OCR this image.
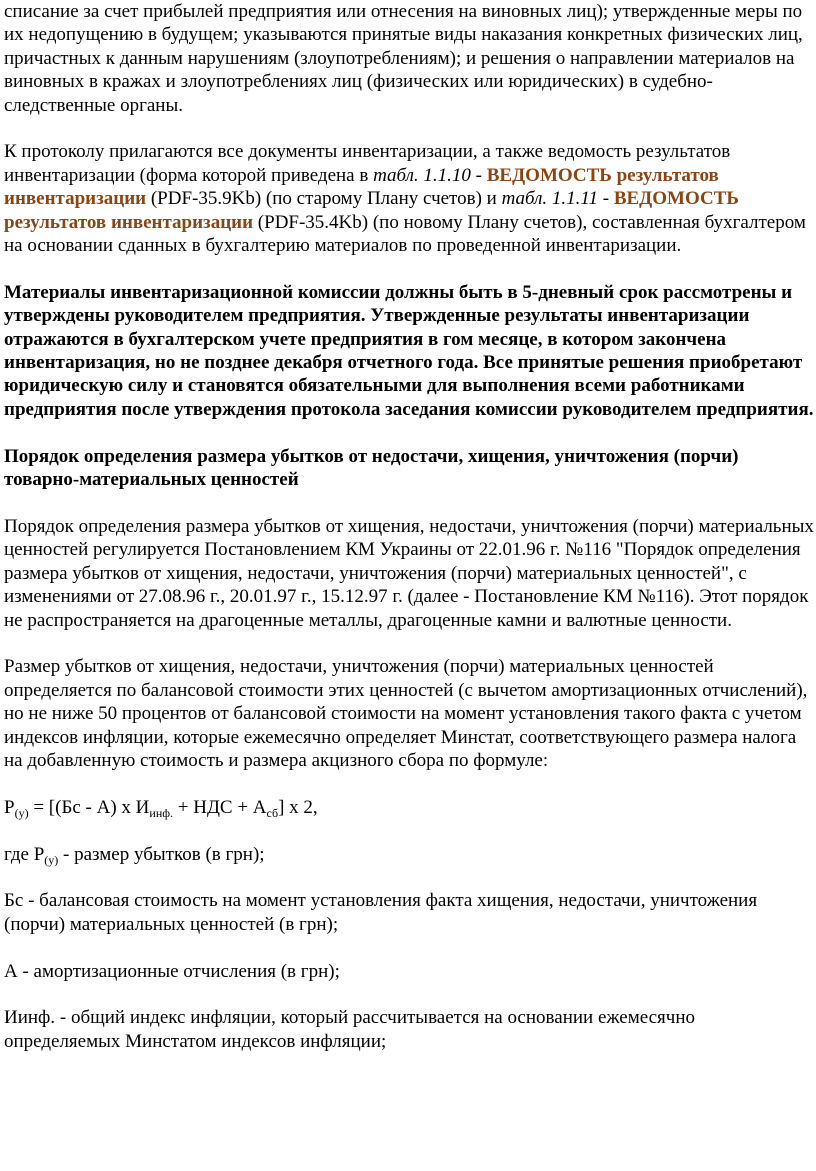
списание за счет прибылей предприятия или отнесения на виновных лиц); утвержденные меры по их недопущению в будущем; указываются принятые виды наказания конкретных физических лиц, причастных к данным нарушениям (злоупотреблениям); и решения о направлении материалов на виновных в кражах и злоупотреблениях лиц (физических или юридических) в судебно-следственные органы.

К протоколу прилагаются все документы инвентаризации, а также ведомость результатов инвентаризации (форма которой приведена в табл. 1.1.10 - ВЕДОМОСТЬ результатов инвентаризации (PDF-35.9Kb) (по старому Плану счетов) и табл. 1.1.11 - ВЕДОМОСТЬ результатов инвентаризации (PDF-35.4Kb) (по новому Плану счетов), составленная бухгалтером на основании сданных в бухгалтерию материалов по проведенной инвентаризации.

Материалы инвентаризационной комиссии должны быть в 5-дневный срок рассмотрены и утверждены руководителем предприятия. Утвержденные результаты инвентаризации отражаются в бухгалтерском учете предприятия в гом месяце, в котором закончена инвентаризация, но не позднее декабря отчетного года. Все принятые решения приобретают юридическую силу и становятся обязательными для выполнения всеми работниками предприятия после утверждения протокола заседания комиссии руководителем предприятия.

Порядок определения размера убытков от недостачи, хищения, уничтожения (порчи) товарно-материальных ценностей

Порядок определения размера убытков от хищения, недостачи, уничтожения (порчи) материальных ценностей регулируется Постановлением КМ Украины от 22.01.96 г. №116 "Порядок определения размера убытков от хищения, недостачи, уничтожения (порчи) материальных ценностей", с изменениями от 27.08.96 г., 20.01.97 г., 15.12.97 г. (далее - Постановление КМ №116). Этот порядок не распространяется на драгоценные металлы, драгоценные камни и валютные ценности.

Размер убытков от хищения, недостачи, уничтожения (порчи) материальных ценностей определяется по балансовой стоимости этих ценностей (с вычетом амортизационных отчислений), но не ниже 50 процентов от балансовой стоимости на момент установления такого факта с учетом индексов инфляции, которые ежемесячно определяет Минстат, соответствующего размера налога на добавленную стоимость и размера акцизного сбора по формуле:

$Р_{(у)} = [(Бс - А)$ х $И_{инф.}$ + НДС + $А_{сб}$] х 2,

где $Р_{(у)}$ - размер убытков (в грн);

Бс - балансовая стоимость на момент установления факта хищения, недостачи, уничтожения (порчи) материальных ценностей (в грн);

А - амортизационные отчисления (в грн);

Иинф. - общий индекс инфляции, который рассчитывается на основании ежемесячно определяемых Минстатом индексов инфляции;
